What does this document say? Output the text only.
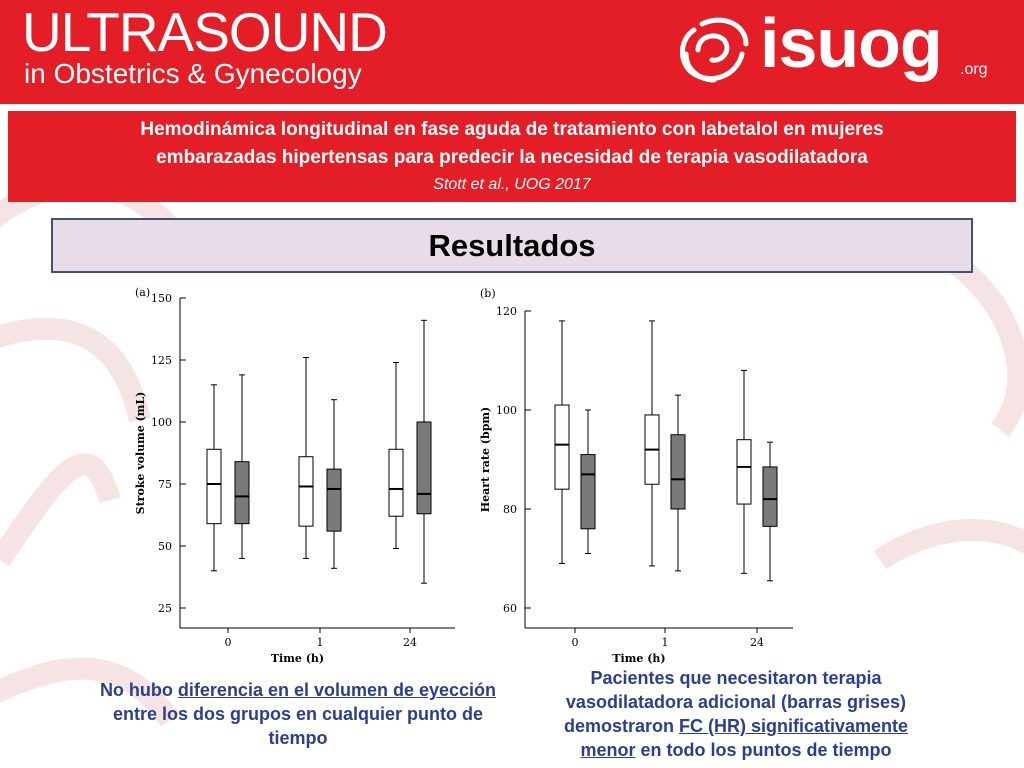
ULTRASOUND
in Obstetrics & Gynecology	isuog .org
Hemodinámica longitudinal en fase aguda de tratamiento con labetalol en mujeres
embarazadas hipertensas para predecir la necesidad de terapia vasodilatadora
Stott et al., UOG 2017
Resultados
(a)
25
50
75
100
125
150
Stroke volume (mL)
0	1	24
Time (h)
(b)
60
80
100
120
Heart rate (bpm)
0	1	24
Time (h)
No hubo diferencia en el volumen de eyección entre los dos grupos en cualquier punto de tiempo
Pacientes que necesitaron terapia vasodilatadora adicional (barras grises) demostraron FC (HR) significativamente menor en todo los puntos de tiempo
